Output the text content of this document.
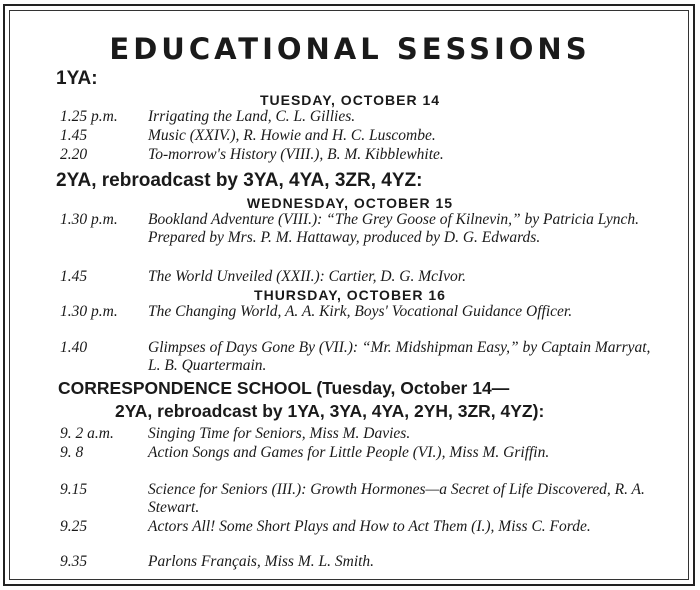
EDUCATIONAL SESSIONS
1YA:
TUESDAY, OCTOBER 14
1.25 p.m.	Irrigating the Land, C. L. Gillies.
1.45	Music (XXIV.), R. Howie and H. C. Luscombe.
2.20	To-morrow's History (VIII.), B. M. Kibblewhite.
2YA, rebroadcast by 3YA, 4YA, 3ZR, 4YZ:
WEDNESDAY, OCTOBER 15
1.30 p.m.	Bookland Adventure (VIII.): “The Grey Goose of Kilnevin,” by Patricia Lynch. Prepared by Mrs. P. M. Hattaway, produced by D. G. Edwards.
1.45	The World Unveiled (XXII.): Cartier, D. G. McIvor.
THURSDAY, OCTOBER 16
1.30 p.m.	The Changing World, A. A. Kirk, Boys' Vocational Guidance Officer.
1.40	Glimpses of Days Gone By (VII.): “Mr. Midshipman Easy,” by Captain Marryat, L. B. Quartermain.
CORRESPONDENCE SCHOOL (Tuesday, October 14—
2YA, rebroadcast by 1YA, 3YA, 4YA, 2YH, 3ZR, 4YZ):
9. 2 a.m.	Singing Time for Seniors, Miss M. Davies.
9. 8	Action Songs and Games for Little People (VI.), Miss M. Griffin.
9.15	Science for Seniors (III.): Growth Hormones—a Secret of Life Discovered, R. A. Stewart.
9.25	Actors All! Some Short Plays and How to Act Them (I.), Miss C. Forde.
9.35	Parlons Français, Miss M. L. Smith.
